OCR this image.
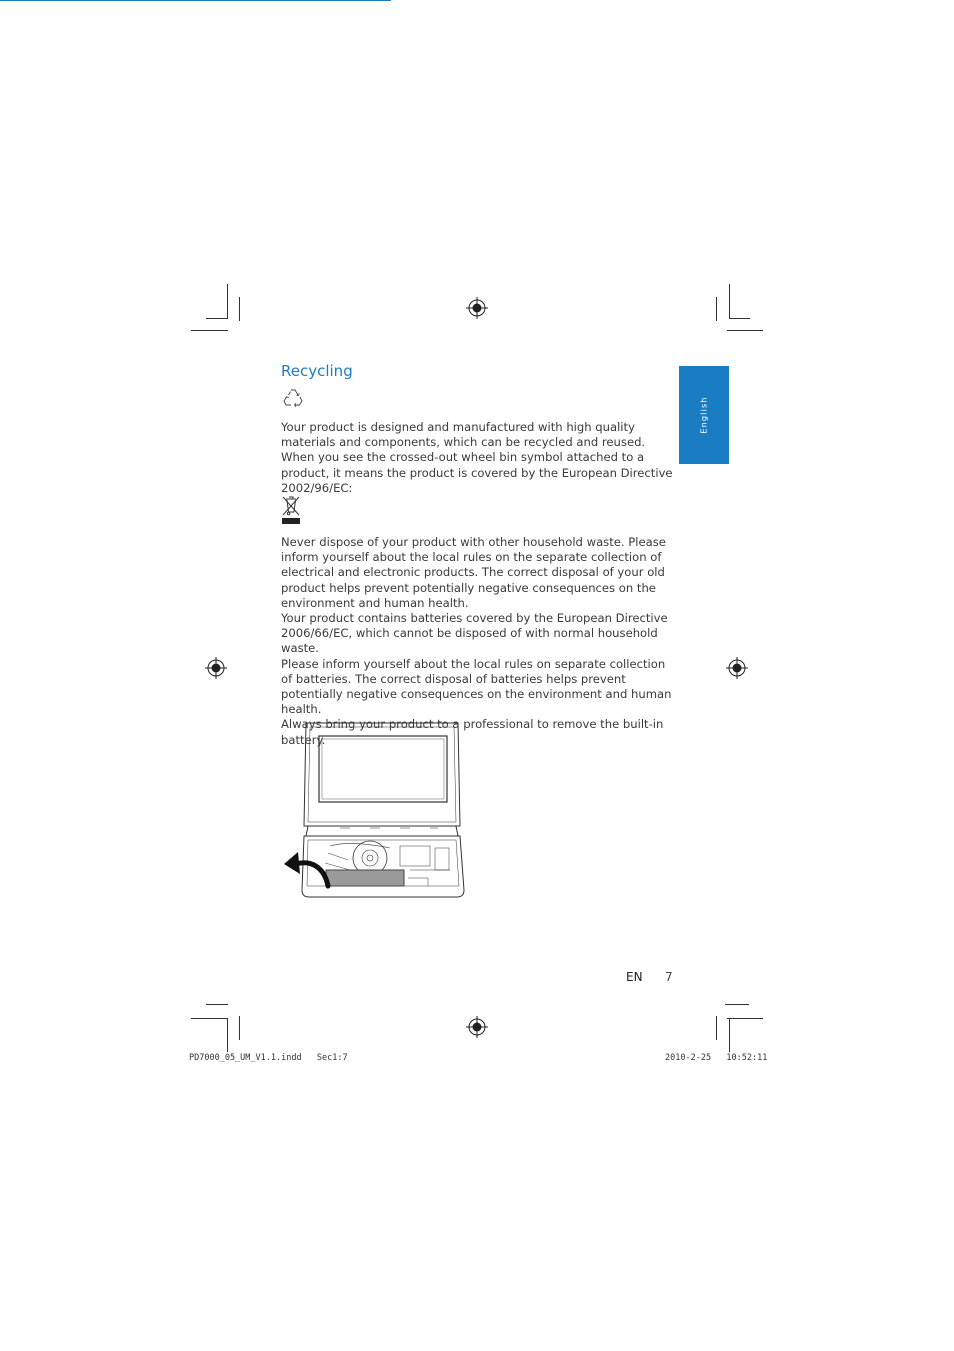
English
Recycling

Your product is designed and manufactured with high quality materials and components, which can be recycled and reused.

When you see the crossed-out wheel bin symbol attached to a product, it means the product is covered by the European Directive 2002/96/EC:

Never dispose of your product with other household waste. Please inform yourself about the local rules on the separate collection of electrical and electronic products. The correct disposal of your old product helps prevent potentially negative consequences on the environment and human health.

Your product contains batteries covered by the European Directive 2006/66/EC, which cannot be disposed of with normal household waste.

Please inform yourself about the local rules on separate collection of batteries. The correct disposal of batteries helps prevent potentially negative consequences on the environment and human health.

Always bring your product to a professional to remove the built-in battery.

EN 7
PD7000_05_UM_V1.1.indd   Sec1:7	2010-2-25   10:52:11
